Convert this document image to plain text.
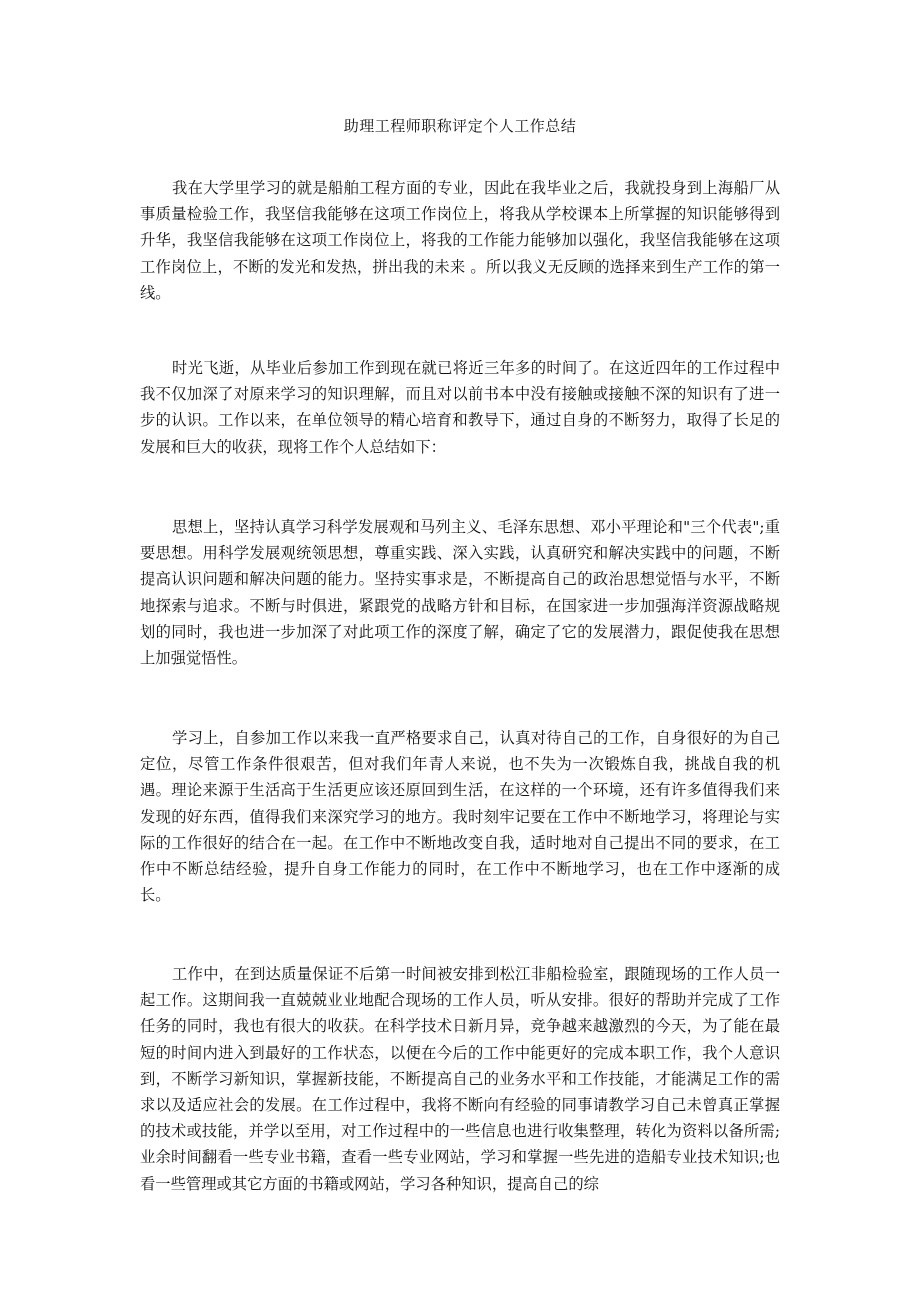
助理工程师职称评定个人工作总结

我在大学里学习的就是船舶工程方面的专业，因此在我毕业之后，我就投身到上海船厂从事质量检验工作，我坚信我能够在这项工作岗位上，将我从学校课本上所掌握的知识能够得到升华，我坚信我能够在这项工作岗位上，将我的工作能力能够加以强化，我坚信我能够在这项工作岗位上，不断的发光和发热，拼出我的未来 。所以我义无反顾的选择来到生产工作的第一线。

时光飞逝，从毕业后参加工作到现在就已将近三年多的时间了。在这近四年的工作过程中我不仅加深了对原来学习的知识理解，而且对以前书本中没有接触或接触不深的知识有了进一步的认识。工作以来，在单位领导的精心培育和教导下，通过自身的不断努力，取得了长足的发展和巨大的收获，现将工作个人总结如下：

思想上，坚持认真学习科学发展观和马列主义、毛泽东思想、邓小平理论和"三个代表";重要思想。用科学发展观统领思想，尊重实践、深入实践，认真研究和解决实践中的问题，不断提高认识问题和解决问题的能力。坚持实事求是，不断提高自己的政治思想觉悟与水平，不断地探索与追求。不断与时俱进，紧跟党的战略方针和目标，在国家进一步加强海洋资源战略规划的同时，我也进一步加深了对此项工作的深度了解，确定了它的发展潜力，跟促使我在思想上加强觉悟性。

学习上，自参加工作以来我一直严格要求自己，认真对待自己的工作，自身很好的为自己定位，尽管工作条件很艰苦，但对我们年青人来说，也不失为一次锻炼自我，挑战自我的机遇。理论来源于生活高于生活更应该还原回到生活，在这样的一个环境，还有许多值得我们来发现的好东西，值得我们来深究学习的地方。我时刻牢记要在工作中不断地学习，将理论与实际的工作很好的结合在一起。在工作中不断地改变自我，适时地对自己提出不同的要求，在工作中不断总结经验，提升自身工作能力的同时，在工作中不断地学习，也在工作中逐渐的成长。

工作中，在到达质量保证不后第一时间被安排到松江非船检验室，跟随现场的工作人员一起工作。这期间我一直兢兢业业地配合现场的工作人员，听从安排。很好的帮助并完成了工作任务的同时，我也有很大的收获。在科学技术日新月异，竞争越来越激烈的今天，为了能在最短的时间内进入到最好的工作状态，以便在今后的工作中能更好的完成本职工作，我个人意识到，不断学习新知识，掌握新技能，不断提高自己的业务水平和工作技能，才能满足工作的需求以及适应社会的发展。在工作过程中，我将不断向有经验的同事请教学习自己未曾真正掌握的技术或技能，并学以至用，对工作过程中的一些信息也进行收集整理，转化为资料以备所需;业余时间翻看一些专业书籍，查看一些专业网站，学习和掌握一些先进的造船专业技术知识;也看一些管理或其它方面的书籍或网站，学习各种知识，提高自己的综
